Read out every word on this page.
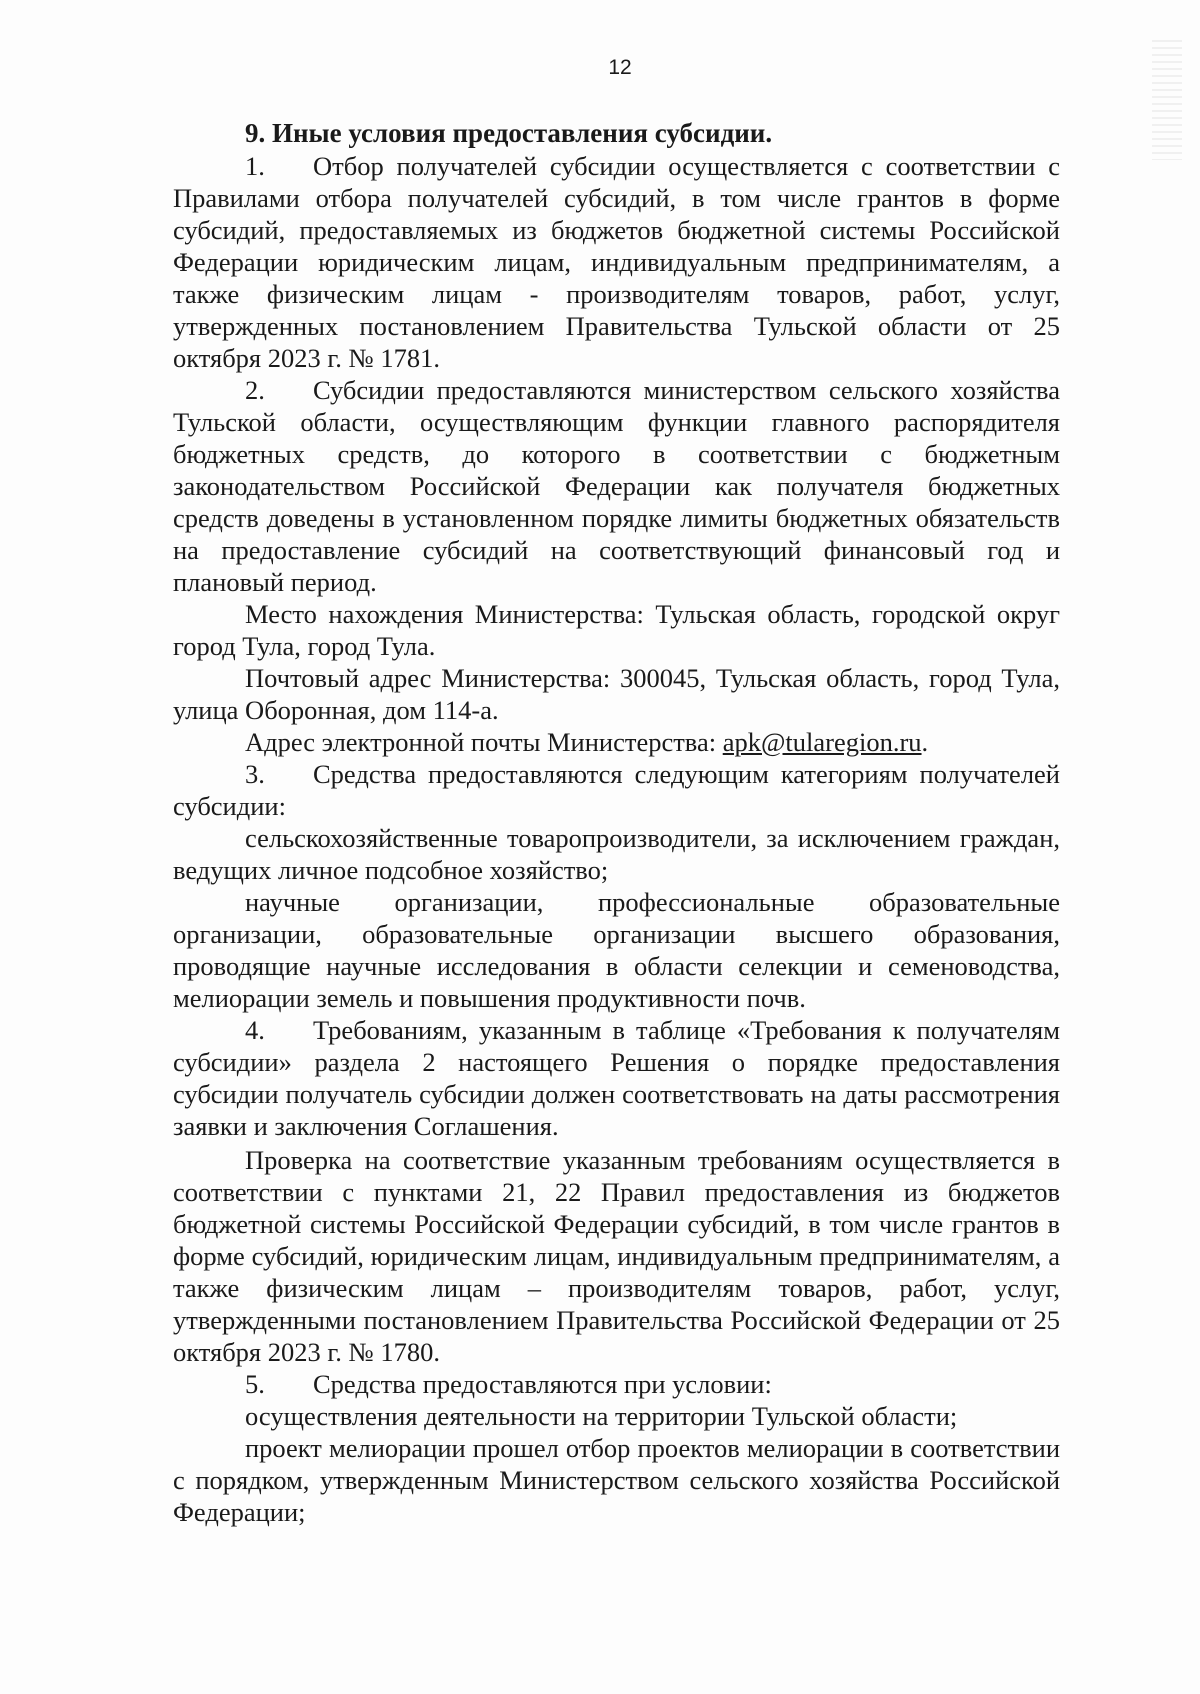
12
9. Иные условия предоставления субсидии.

1. Отбор получателей субсидии осуществляется с соответствии с Правилами отбора получателей субсидий, в том числе грантов в форме субсидий, предоставляемых из бюджетов бюджетной системы Российской Федерации юридическим лицам, индивидуальным предпринимателям, а также физическим лицам - производителям товаров, работ, услуг, утвержденных постановлением Правительства Тульской области от 25 октября 2023 г. № 1781.

2. Субсидии предоставляются министерством сельского хозяйства Тульской области, осуществляющим функции главного распорядителя бюджетных средств, до которого в соответствии с бюджетным законодательством Российской Федерации как получателя бюджетных средств доведены в установленном порядке лимиты бюджетных обязательств на предоставление субсидий на соответствующий финансовый год и плановый период.

Место нахождения Министерства: Тульская область, городской округ город Тула, город Тула.

Почтовый адрес Министерства: 300045, Тульская область, город Тула, улица Оборонная, дом 114-а.

Адрес электронной почты Министерства: apk@tularegion.ru.

3. Средства предоставляются следующим категориям получателей субсидии:

сельскохозяйственные товаропроизводители, за исключением граждан, ведущих личное подсобное хозяйство;

научные организации, профессиональные образовательные организации, образовательные организации высшего образования, проводящие научные исследования в области селекции и семеноводства, мелиорации земель и повышения продуктивности почв.

4. Требованиям, указанным в таблице «Требования к получателям субсидии» раздела 2 настоящего Решения о порядке предоставления субсидии получатель субсидии должен соответствовать на даты рассмотрения заявки и заключения Соглашения.

Проверка на соответствие указанным требованиям осуществляется в соответствии с пунктами 21, 22 Правил предоставления из бюджетов бюджетной системы Российской Федерации субсидий, в том числе грантов в форме субсидий, юридическим лицам, индивидуальным предпринимателям, а также физическим лицам – производителям товаров, работ, услуг, утвержденными постановлением Правительства Российской Федерации от 25 октября 2023 г. № 1780.

5. Средства предоставляются при условии:

осуществления деятельности на территории Тульской области;

проект мелиорации прошел отбор проектов мелиорации в соответствии с порядком, утвержденным Министерством сельского хозяйства Российской Федерации;
